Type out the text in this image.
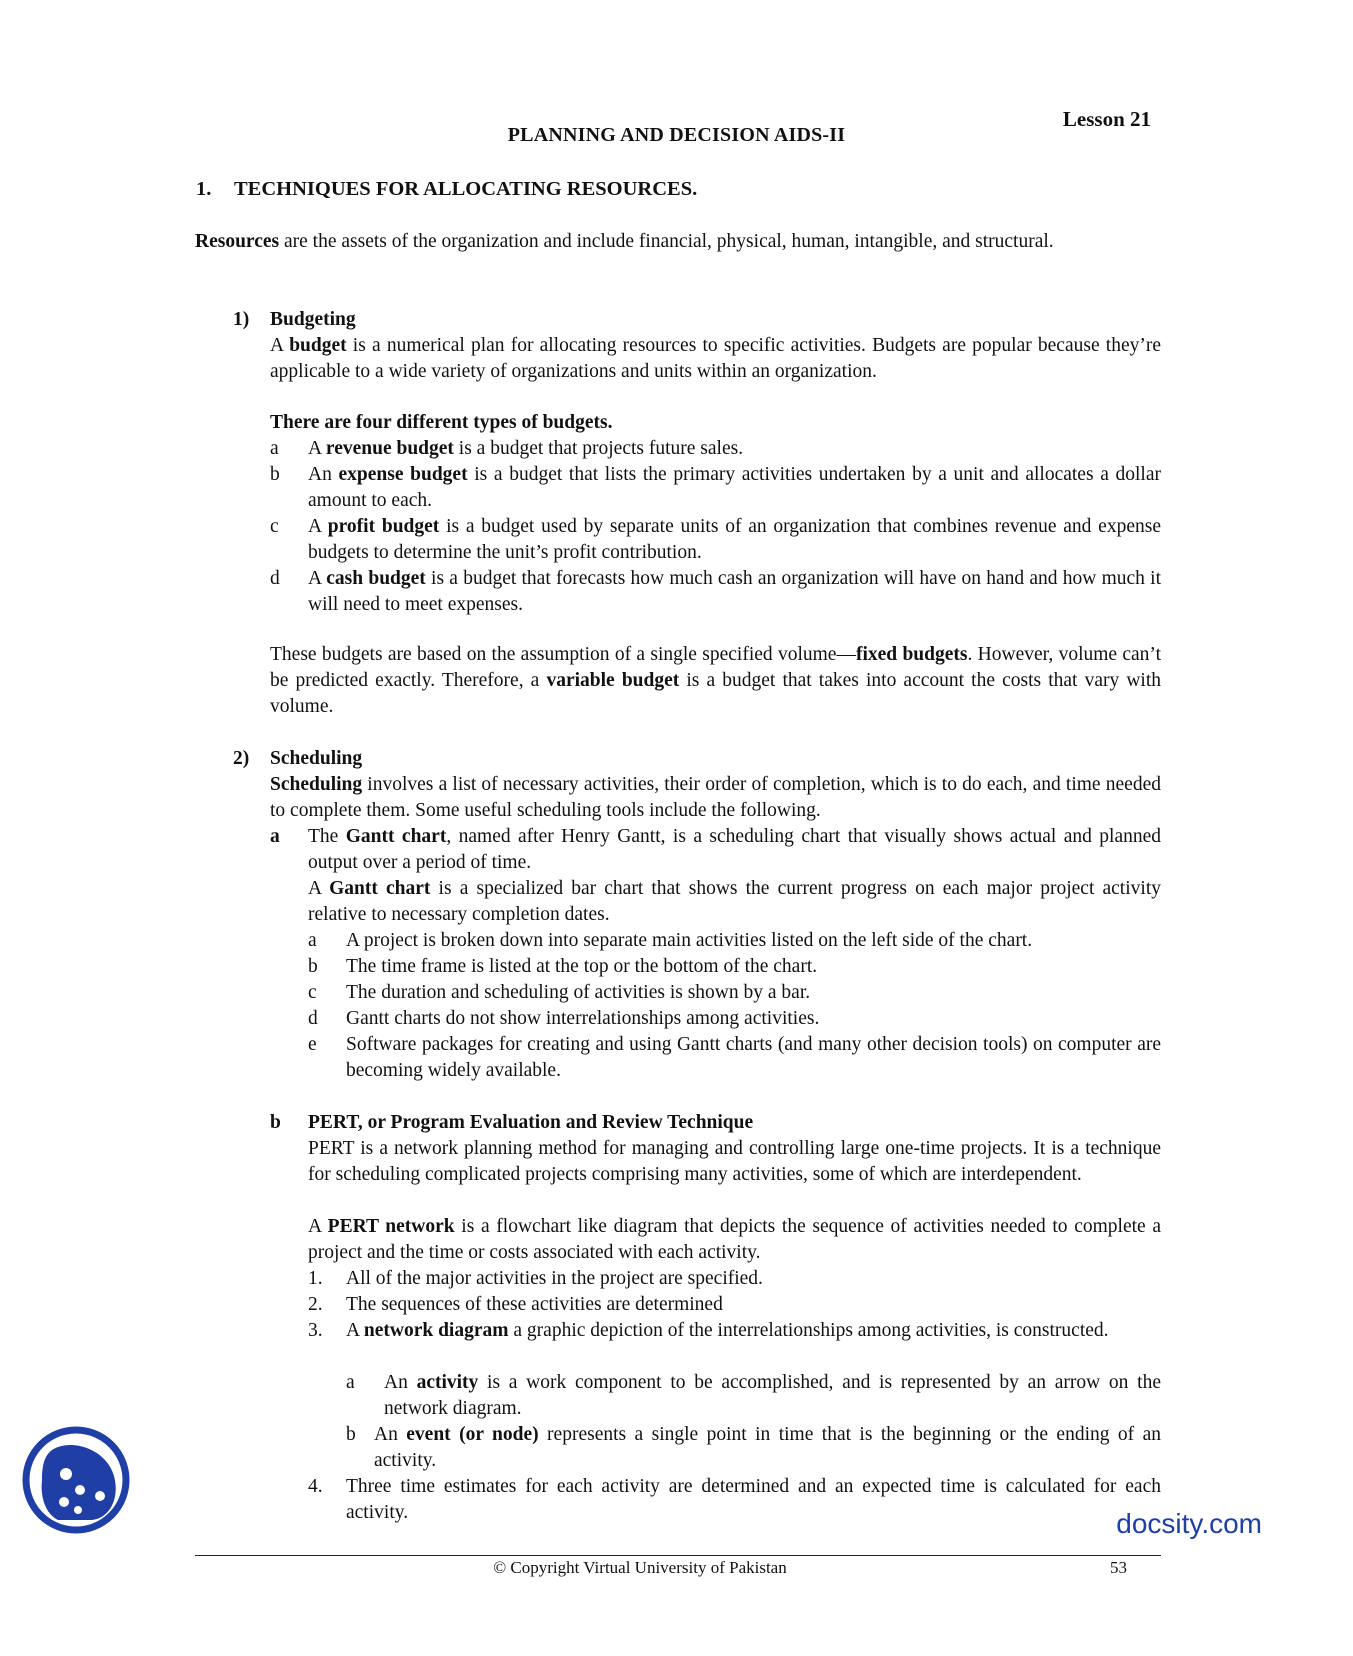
Lesson 21
PLANNING AND DECISION AIDS-II
1. TECHNIQUES FOR ALLOCATING RESOURCES.
Resources are the assets of the organization and include financial, physical, human, intangible, and structural.
1) Budgeting
A budget is a numerical plan for allocating resources to specific activities. Budgets are popular because they’re applicable to a wide variety of organizations and units within an organization.
There are four different types of budgets.
a A revenue budget is a budget that projects future sales.
b An expense budget is a budget that lists the primary activities undertaken by a unit and allocates a dollar amount to each.
c A profit budget is a budget used by separate units of an organization that combines revenue and expense budgets to determine the unit’s profit contribution.
d A cash budget is a budget that forecasts how much cash an organization will have on hand and how much it will need to meet expenses.
These budgets are based on the assumption of a single specified volume—fixed budgets. However, volume can’t be predicted exactly. Therefore, a variable budget is a budget that takes into account the costs that vary with volume.
2) Scheduling
Scheduling involves a list of necessary activities, their order of completion, which is to do each, and time needed to complete them. Some useful scheduling tools include the following.
a The Gantt chart, named after Henry Gantt, is a scheduling chart that visually shows actual and planned output over a period of time.
A Gantt chart is a specialized bar chart that shows the current progress on each major project activity relative to necessary completion dates.
a A project is broken down into separate main activities listed on the left side of the chart.
b The time frame is listed at the top or the bottom of the chart.
c The duration and scheduling of activities is shown by a bar.
d Gantt charts do not show interrelationships among activities.
e Software packages for creating and using Gantt charts (and many other decision tools) on computer are becoming widely available.
b PERT, or Program Evaluation and Review Technique
PERT is a network planning method for managing and controlling large one-time projects. It is a technique for scheduling complicated projects comprising many activities, some of which are interdependent.
A PERT network is a flowchart like diagram that depicts the sequence of activities needed to complete a project and the time or costs associated with each activity.
1. All of the major activities in the project are specified.
2. The sequences of these activities are determined
3. A network diagram a graphic depiction of the interrelationships among activities, is constructed.
a An activity is a work component to be accomplished, and is represented by an arrow on the network diagram.
b An event (or node) represents a single point in time that is the beginning or the ending of an activity.
4. Three time estimates for each activity are determined and an expected time is calculated for each activity.
© Copyright Virtual University of Pakistan	53
docsity.com
